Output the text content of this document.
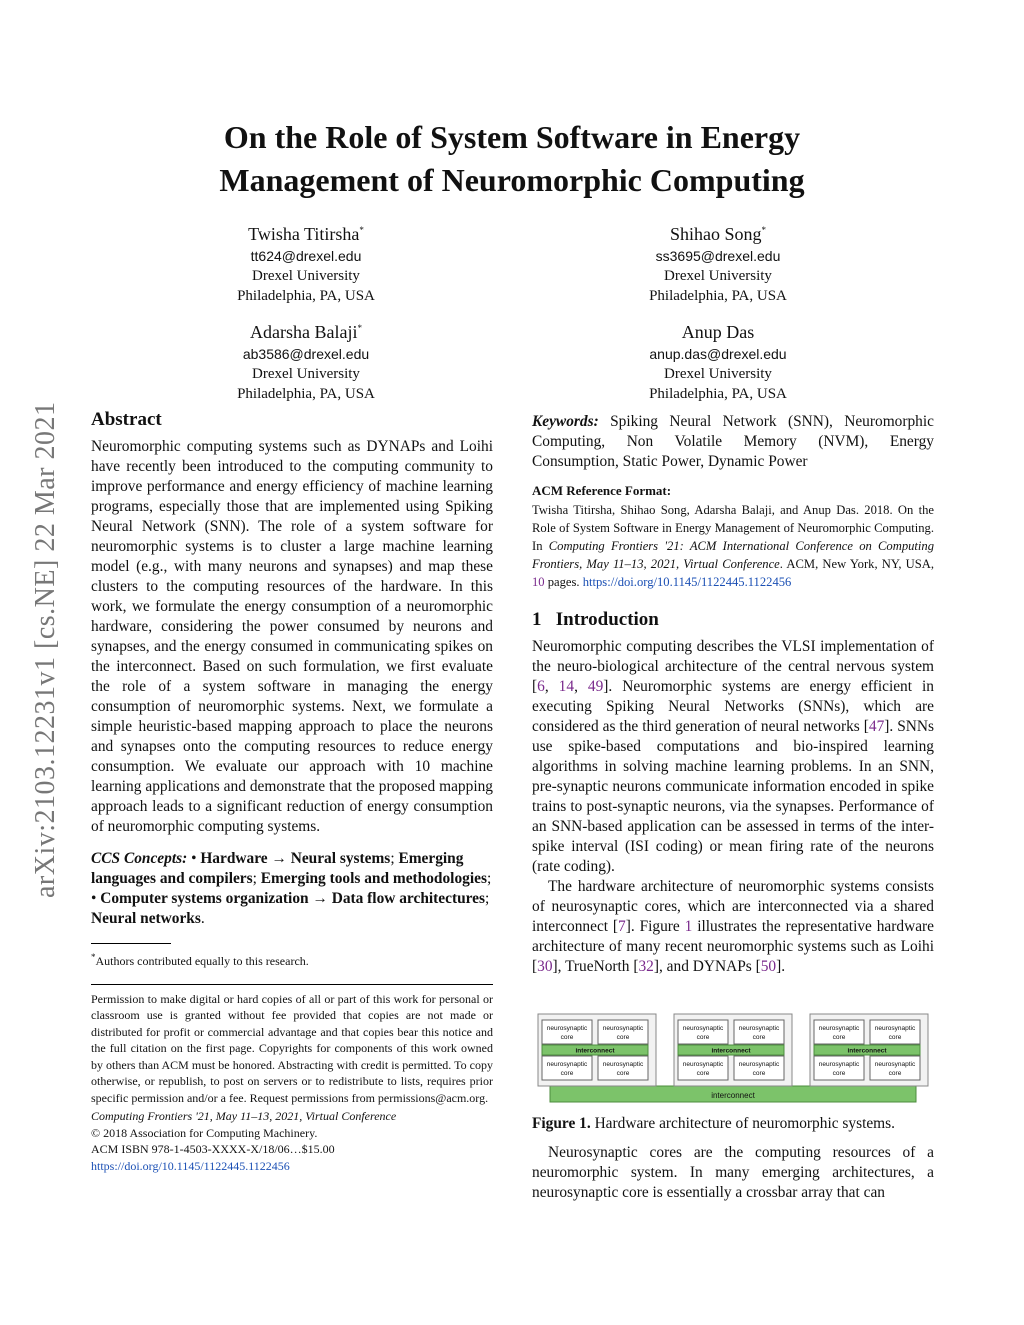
arXiv:2103.12231v1 [cs.NE] 22 Mar 2021
On the Role of System Software in Energy
Management of Neuromorphic Computing
Twisha Titirsha*
tt624@drexel.edu
Drexel University
Philadelphia, PA, USA
Shihao Song*
ss3695@drexel.edu
Drexel University
Philadelphia, PA, USA
Adarsha Balaji*
ab3586@drexel.edu
Drexel University
Philadelphia, PA, USA
Anup Das
anup.das@drexel.edu
Drexel University
Philadelphia, PA, USA
Abstract
Neuromorphic computing systems such as DYNAPs and Loihi have recently been introduced to the computing community to improve performance and energy efficiency of machine learning programs, especially those that are implemented using Spiking Neural Network (SNN). The role of a system software for neuromorphic systems is to cluster a large machine learning model (e.g., with many neurons and synapses) and map these clusters to the computing resources of the hardware. In this work, we formulate the energy consumption of a neuromorphic hardware, considering the power consumed by neurons and synapses, and the energy consumed in communicating spikes on the interconnect. Based on such formulation, we first evaluate the role of a system software in managing the energy consumption of neuromorphic systems. Next, we formulate a simple heuristic-based mapping approach to place the neurons and synapses onto the computing resources to reduce energy consumption. We evaluate our approach with 10 machine learning applications and demonstrate that the proposed mapping approach leads to a significant reduction of energy consumption of neuromorphic computing systems.
CCS Concepts: • Hardware → Neural systems; Emerging languages and compilers; Emerging tools and methodologies; • Computer systems organization → Data flow architectures; Neural networks.
*Authors contributed equally to this research.
Permission to make digital or hard copies of all or part of this work for personal or classroom use is granted without fee provided that copies are not made or distributed for profit or commercial advantage and that copies bear this notice and the full citation on the first page. Copyrights for components of this work owned by others than ACM must be honored. Abstracting with credit is permitted. To copy otherwise, or republish, to post on servers or to redistribute to lists, requires prior specific permission and/or a fee. Request permissions from permissions@acm.org.
Computing Frontiers '21, May 11–13, 2021, Virtual Conference
© 2018 Association for Computing Machinery.
ACM ISBN 978-1-4503-XXXX-X/18/06…$15.00
https://doi.org/10.1145/1122445.1122456
Keywords: Spiking Neural Network (SNN), Neuromorphic Computing, Non Volatile Memory (NVM), Energy Consumption, Static Power, Dynamic Power
ACM Reference Format:
Twisha Titirsha, Shihao Song, Adarsha Balaji, and Anup Das. 2018. On the Role of System Software in Energy Management of Neuromorphic Computing. In Computing Frontiers '21: ACM International Conference on Computing Frontiers, May 11–13, 2021, Virtual Conference. ACM, New York, NY, USA, 10 pages. https://doi.org/10.1145/1122445.1122456
1 Introduction
Neuromorphic computing describes the VLSI implementation of the neuro-biological architecture of the central nervous system [6, 14, 49]. Neuromorphic systems are energy efficient in executing Spiking Neural Networks (SNNs), which are considered as the third generation of neural networks [47]. SNNs use spike-based computations and bio-inspired learning algorithms in solving machine learning problems. In an SNN, pre-synaptic neurons communicate information encoded in spike trains to post-synaptic neurons, via the synapses. Performance of an SNN-based application can be assessed in terms of the inter-spike interval (ISI coding) or mean firing rate of the neurons (rate coding).
The hardware architecture of neuromorphic systems consists of neurosynaptic cores, which are interconnected via a shared interconnect [7]. Figure 1 illustrates the representative hardware architecture of many recent neuromorphic systems such as Loihi [30], TrueNorth [32], and DYNAPs [50].
interconnect
neurosynaptic
core
neurosynaptic
core
neurosynaptic
core
neurosynaptic
core
neurosynaptic
core
neurosynaptic
core
neurosynaptic
core
neurosynaptic
core
neurosynaptic
core
neurosynaptic
core
neurosynaptic
core
neurosynaptic
core
interconnect	interconnect	interconnect
Figure 1. Hardware architecture of neuromorphic systems.
Neurosynaptic cores are the computing resources of a neuromorphic system. In many emerging architectures, a neurosynaptic core is essentially a crossbar array that can
